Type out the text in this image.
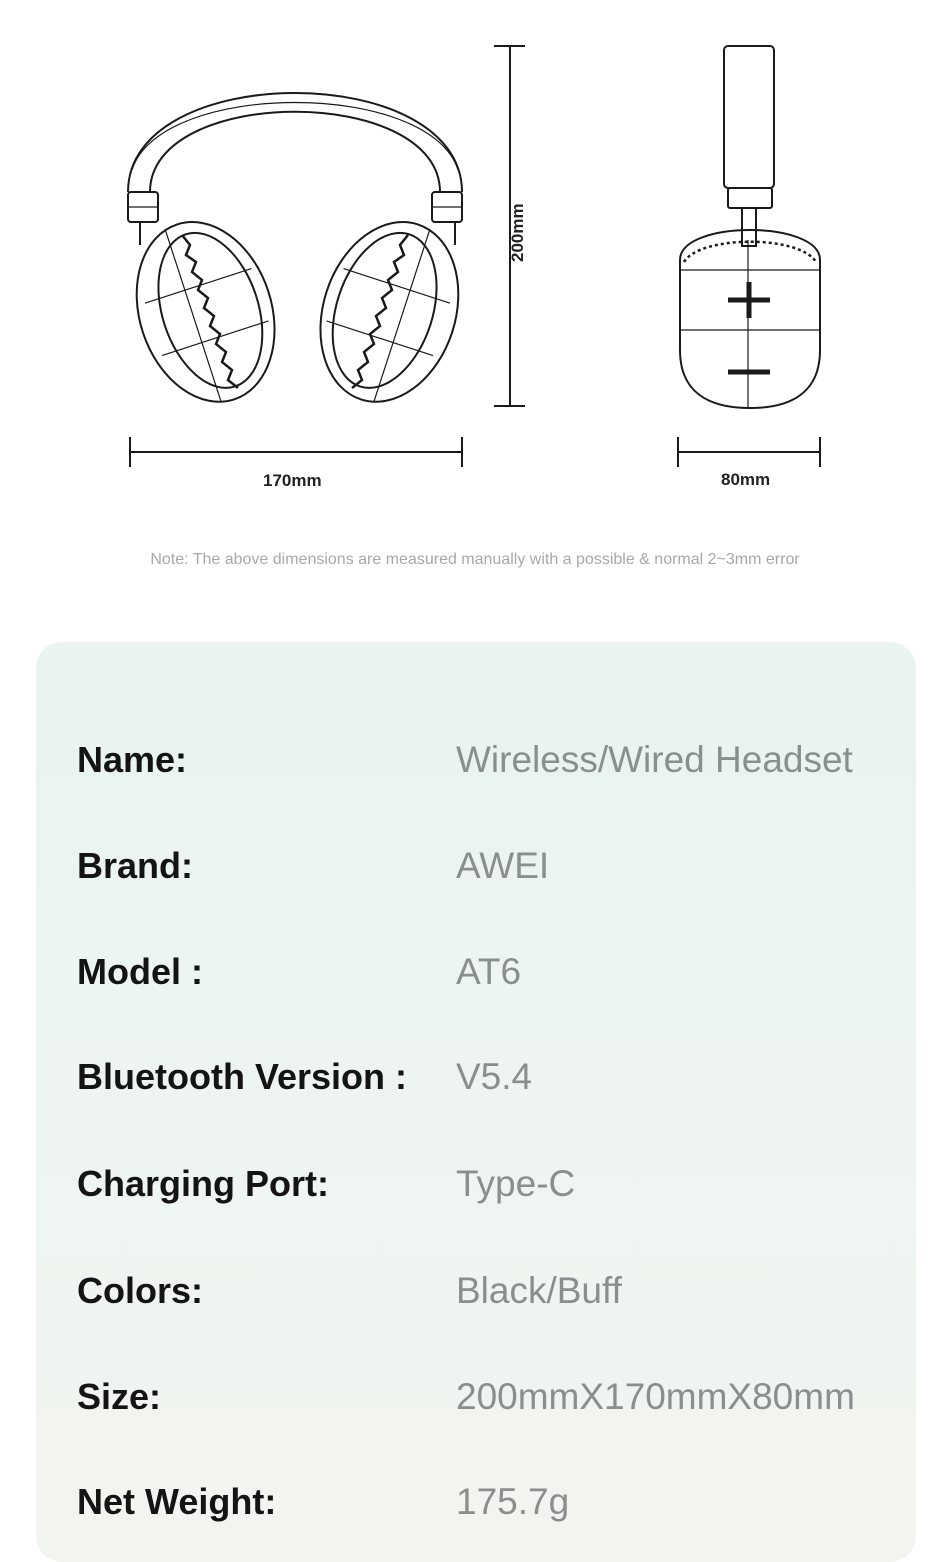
200mm
170mm	80mm
Note: The above dimensions are measured manually with a possible & normal 2~3mm error
Name:	Wireless/Wired Headset
Brand:	AWEI
Model :	AT6
Bluetooth Version : V5.4
Charging Port:	Type-C
Colors:	Black/Buff
Size:	200mmX170mmX80mm
Net Weight:	175.7g
